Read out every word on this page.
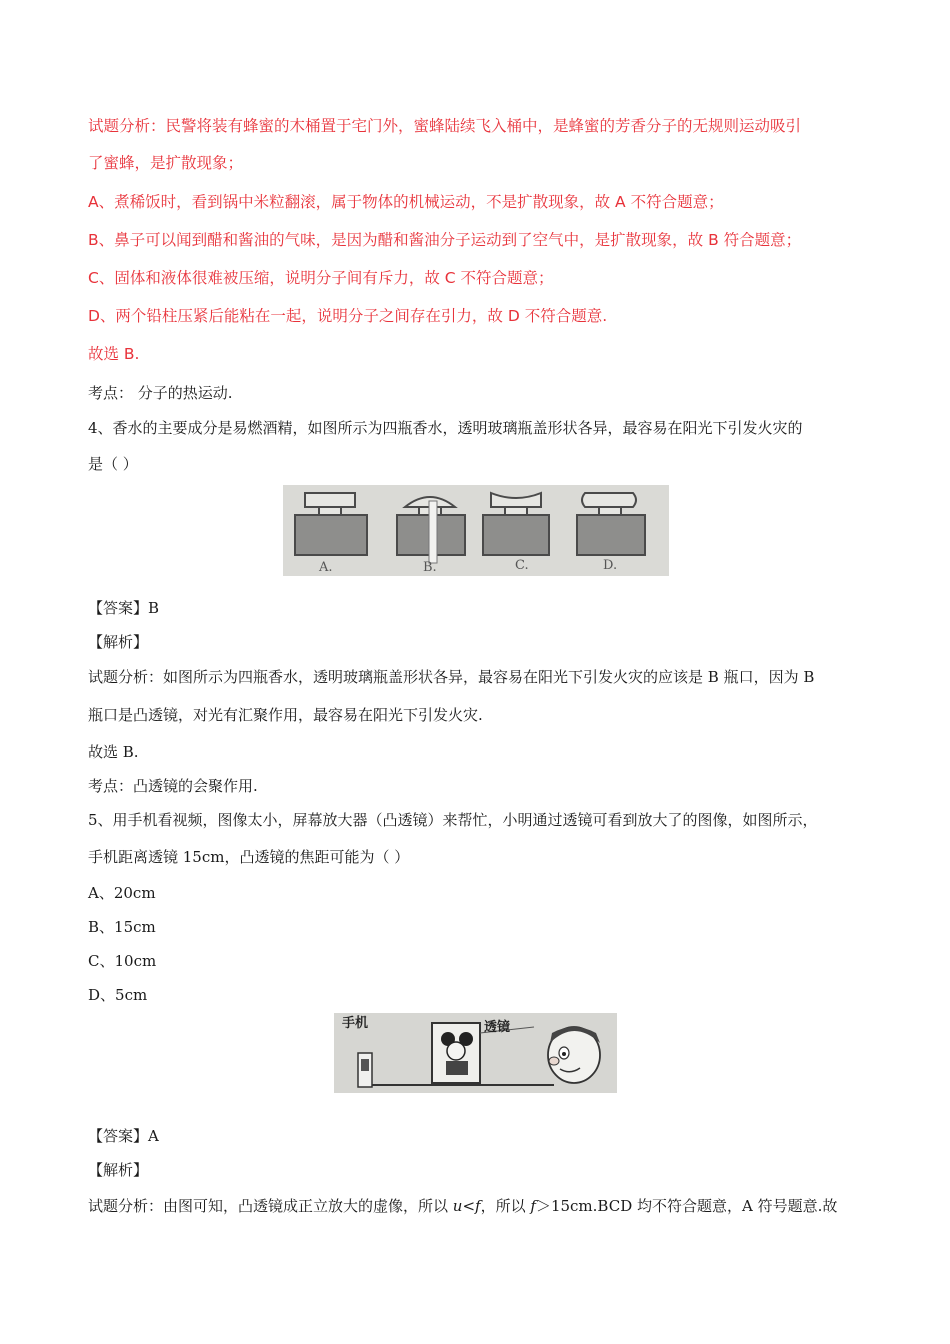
试题分析：民警将装有蜂蜜的木桶置于宅门外，蜜蜂陆续飞入桶中，是蜂蜜的芳香分子的无规则运动吸引
了蜜蜂，是扩散现象；
A、煮稀饭时，看到锅中米粒翻滚，属于物体的机械运动，不是扩散现象，故 A 不符合题意；
B、鼻子可以闻到醋和酱油的气味，是因为醋和酱油分子运动到了空气中，是扩散现象，故 B 符合题意；
C、固体和液体很难被压缩，说明分子间有斥力，故 C 不符合题意；
D、两个铅柱压紧后能粘在一起，说明分子之间存在引力，故 D 不符合题意.
故选 B.
考点： 分子的热运动.
4、香水的主要成分是易燃酒精，如图所示为四瓶香水，透明玻璃瓶盖形状各异，最容易在阳光下引发火灾的
是（ ）
A.	B.	C.	D.
【答案】B
【解析】
试题分析：如图所示为四瓶香水，透明玻璃瓶盖形状各异，最容易在阳光下引发火灾的应该是 B 瓶口，因为 B
瓶口是凸透镜，对光有汇聚作用，最容易在阳光下引发火灾.
故选 B.
考点：凸透镜的会聚作用.
5、用手机看视频，图像太小，屏幕放大器（凸透镜）来帮忙，小明通过透镜可看到放大了的图像，如图所示，
手机距离透镜 15cm，凸透镜的焦距可能为（ ）
A、20cm
B、15cm
C、10cm
D、5cm
手机	透镜
【答案】A
【解析】
试题分析：由图可知，凸透镜成正立放大的虚像，所以 u<f，所以 f＞15cm.BCD 均不符合题意，A 符号题意.故
